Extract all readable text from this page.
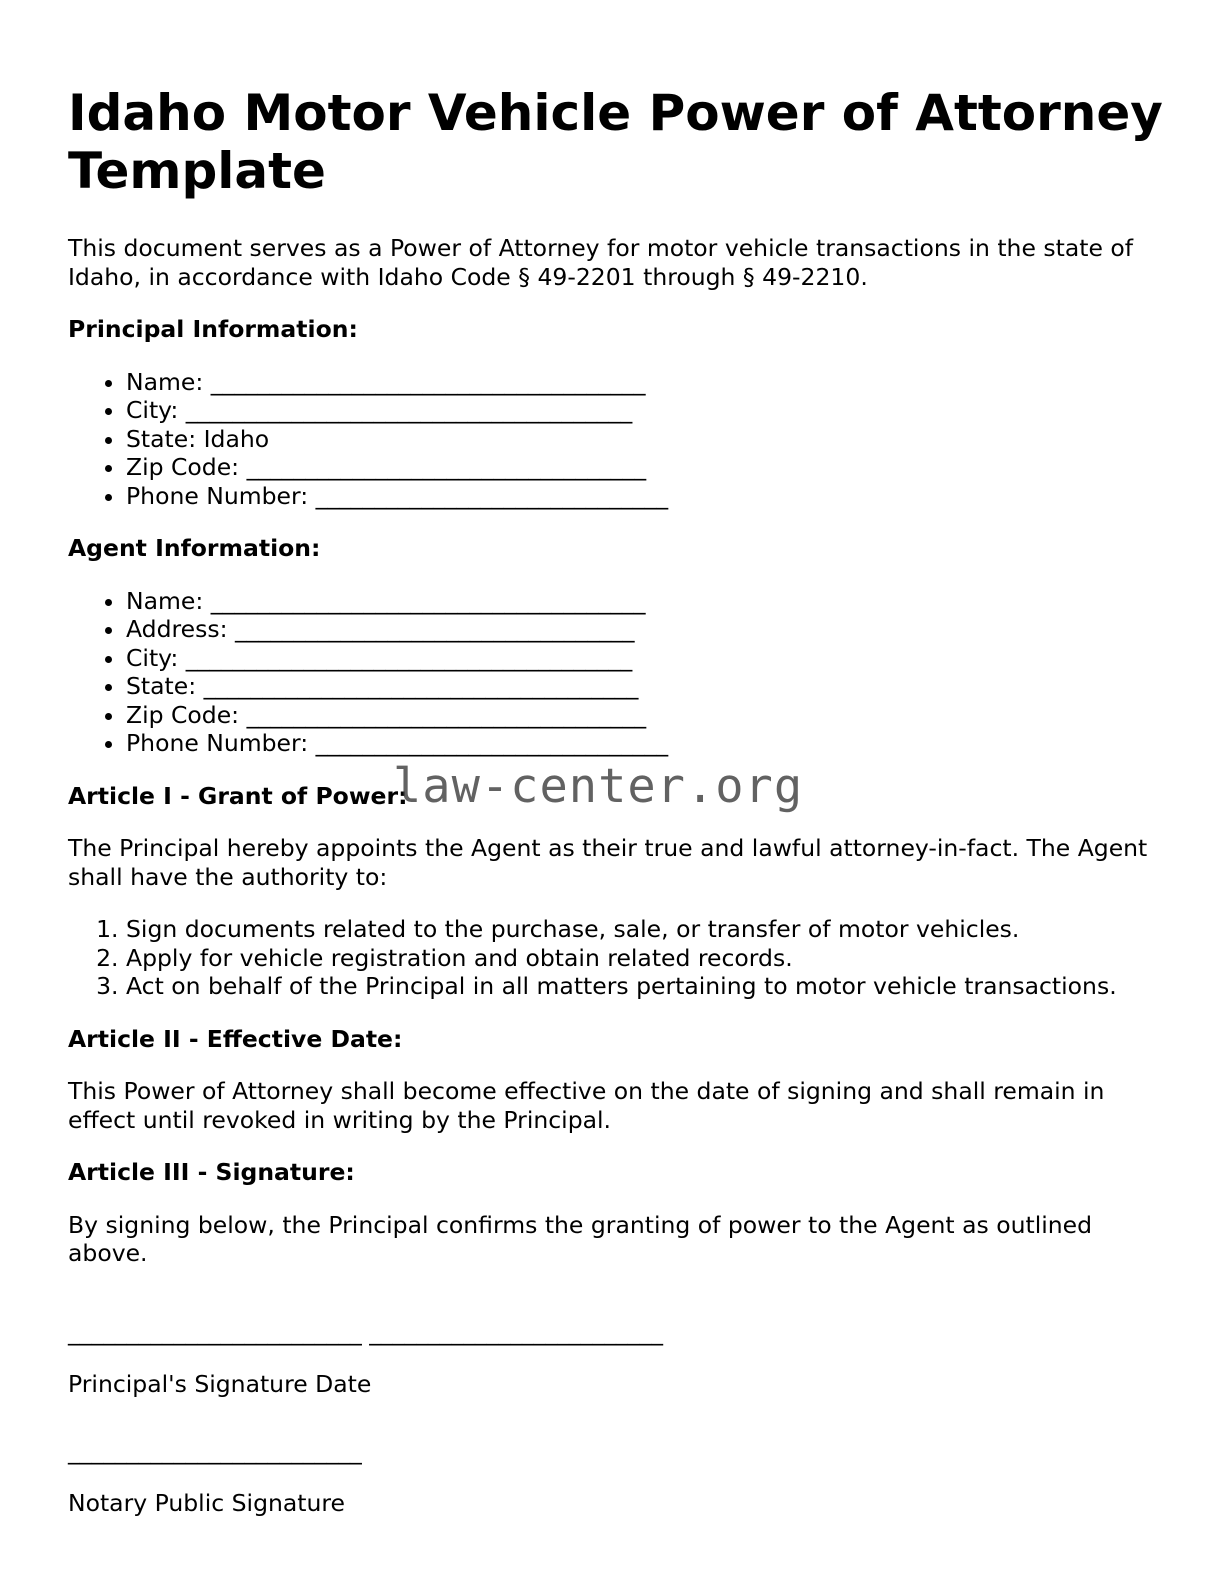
Idaho Motor Vehicle Power of Attorney Template

This document serves as a Power of Attorney for motor vehicle transactions in the state of Idaho, in accordance with Idaho Code § 49-2201 through § 49-2210.

Principal Information:
• Name: _____________________________________
• City: ______________________________________
• State: Idaho
• Zip Code: __________________________________
• Phone Number: ______________________________
Agent Information:
• Name: _____________________________________
• Address: __________________________________
• City: ______________________________________
• State: _____________________________________
• Zip Code: __________________________________
• Phone Number: ______________________________
Article I - Grant of Power:

The Principal hereby appoints the Agent as their true and lawful attorney-in-fact. The Agent shall have the authority to:

1. Sign documents related to the purchase, sale, or transfer of motor vehicles.
2. Apply for vehicle registration and obtain related records.
3. Act on behalf of the Principal in all matters pertaining to motor vehicle transactions.
Article II - Effective Date:

This Power of Attorney shall become effective on the date of signing and shall remain in effect until revoked in writing by the Principal.

Article III - Signature:

By signing below, the Principal confirms the granting of power to the Agent as outlined above.

_________________________ _________________________
Principal's Signature Date
_________________________
Notary Public Signature
law-center.org
